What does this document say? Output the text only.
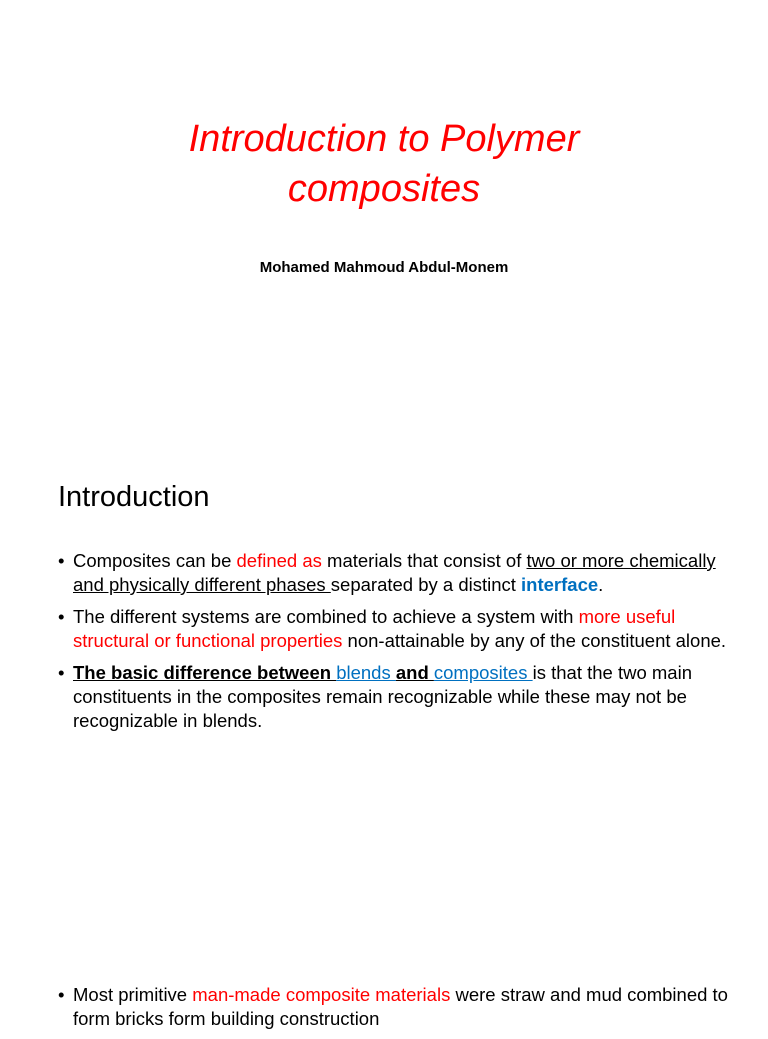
Introduction to Polymer
composites
Mohamed Mahmoud Abdul-Monem
Introduction
• Composites can be defined as materials that consist of two or more chemically and physically different phases separated by a distinct interface.
• The different systems are combined to achieve a system with more useful structural or functional properties non-attainable by any of the constituent alone.
• The basic difference between blends and composites is that the two main constituents in the composites remain recognizable while these may not be recognizable in blends.
• Most primitive man-made composite materials were straw and mud combined to form bricks form building construction
